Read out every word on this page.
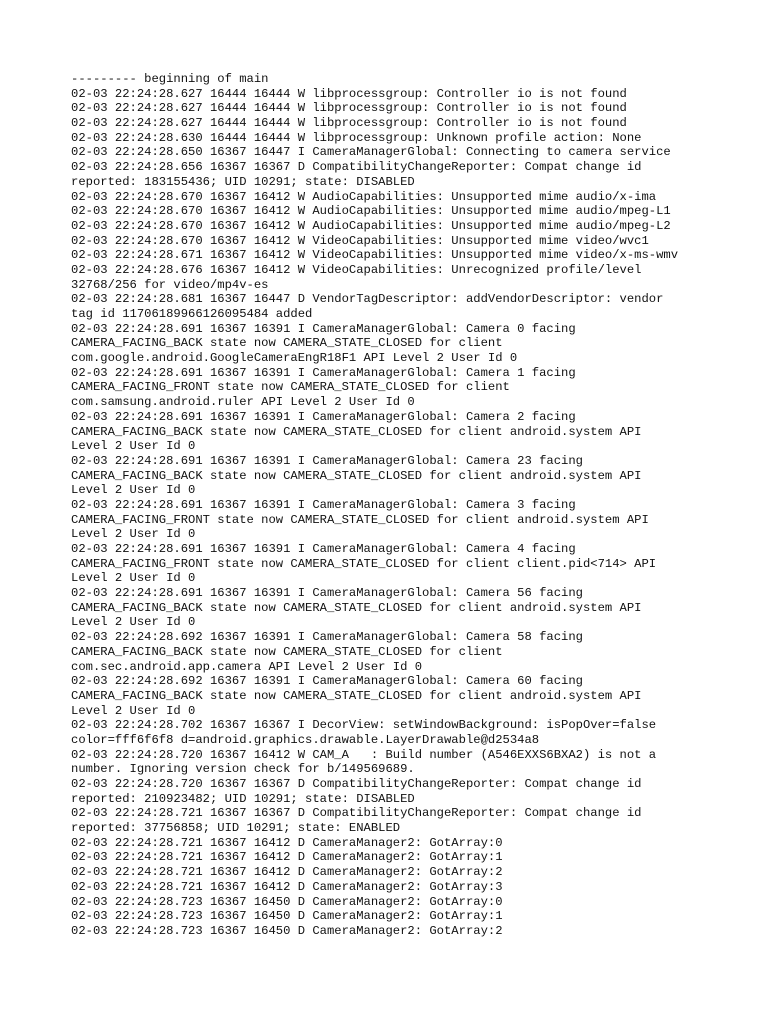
--------- beginning of main
02-03 22:24:28.627 16444 16444 W libprocessgroup: Controller io is not found
02-03 22:24:28.627 16444 16444 W libprocessgroup: Controller io is not found
02-03 22:24:28.627 16444 16444 W libprocessgroup: Controller io is not found
02-03 22:24:28.630 16444 16444 W libprocessgroup: Unknown profile action: None
02-03 22:24:28.650 16367 16447 I CameraManagerGlobal: Connecting to camera service
02-03 22:24:28.656 16367 16367 D CompatibilityChangeReporter: Compat change id
reported: 183155436; UID 10291; state: DISABLED
02-03 22:24:28.670 16367 16412 W AudioCapabilities: Unsupported mime audio/x-ima
02-03 22:24:28.670 16367 16412 W AudioCapabilities: Unsupported mime audio/mpeg-L1
02-03 22:24:28.670 16367 16412 W AudioCapabilities: Unsupported mime audio/mpeg-L2
02-03 22:24:28.670 16367 16412 W VideoCapabilities: Unsupported mime video/wvc1
02-03 22:24:28.671 16367 16412 W VideoCapabilities: Unsupported mime video/x-ms-wmv
02-03 22:24:28.676 16367 16412 W VideoCapabilities: Unrecognized profile/level
32768/256 for video/mp4v-es
02-03 22:24:28.681 16367 16447 D VendorTagDescriptor: addVendorDescriptor: vendor
tag id 11706189966126095484 added
02-03 22:24:28.691 16367 16391 I CameraManagerGlobal: Camera 0 facing
CAMERA_FACING_BACK state now CAMERA_STATE_CLOSED for client
com.google.android.GoogleCameraEngR18F1 API Level 2 User Id 0
02-03 22:24:28.691 16367 16391 I CameraManagerGlobal: Camera 1 facing
CAMERA_FACING_FRONT state now CAMERA_STATE_CLOSED for client
com.samsung.android.ruler API Level 2 User Id 0
02-03 22:24:28.691 16367 16391 I CameraManagerGlobal: Camera 2 facing
CAMERA_FACING_BACK state now CAMERA_STATE_CLOSED for client android.system API
Level 2 User Id 0
02-03 22:24:28.691 16367 16391 I CameraManagerGlobal: Camera 23 facing
CAMERA_FACING_BACK state now CAMERA_STATE_CLOSED for client android.system API
Level 2 User Id 0
02-03 22:24:28.691 16367 16391 I CameraManagerGlobal: Camera 3 facing
CAMERA_FACING_FRONT state now CAMERA_STATE_CLOSED for client android.system API
Level 2 User Id 0
02-03 22:24:28.691 16367 16391 I CameraManagerGlobal: Camera 4 facing
CAMERA_FACING_FRONT state now CAMERA_STATE_CLOSED for client client.pid<714> API
Level 2 User Id 0
02-03 22:24:28.691 16367 16391 I CameraManagerGlobal: Camera 56 facing
CAMERA_FACING_BACK state now CAMERA_STATE_CLOSED for client android.system API
Level 2 User Id 0
02-03 22:24:28.692 16367 16391 I CameraManagerGlobal: Camera 58 facing
CAMERA_FACING_BACK state now CAMERA_STATE_CLOSED for client
com.sec.android.app.camera API Level 2 User Id 0
02-03 22:24:28.692 16367 16391 I CameraManagerGlobal: Camera 60 facing
CAMERA_FACING_BACK state now CAMERA_STATE_CLOSED for client android.system API
Level 2 User Id 0
02-03 22:24:28.702 16367 16367 I DecorView: setWindowBackground: isPopOver=false
color=fff6f6f8 d=android.graphics.drawable.LayerDrawable@d2534a8
02-03 22:24:28.720 16367 16412 W CAM_A   : Build number (A546EXXS6BXA2) is not a
number. Ignoring version check for b/149569689.
02-03 22:24:28.720 16367 16367 D CompatibilityChangeReporter: Compat change id
reported: 210923482; UID 10291; state: DISABLED
02-03 22:24:28.721 16367 16367 D CompatibilityChangeReporter: Compat change id
reported: 37756858; UID 10291; state: ENABLED
02-03 22:24:28.721 16367 16412 D CameraManager2: GotArray:0
02-03 22:24:28.721 16367 16412 D CameraManager2: GotArray:1
02-03 22:24:28.721 16367 16412 D CameraManager2: GotArray:2
02-03 22:24:28.721 16367 16412 D CameraManager2: GotArray:3
02-03 22:24:28.723 16367 16450 D CameraManager2: GotArray:0
02-03 22:24:28.723 16367 16450 D CameraManager2: GotArray:1
02-03 22:24:28.723 16367 16450 D CameraManager2: GotArray:2
